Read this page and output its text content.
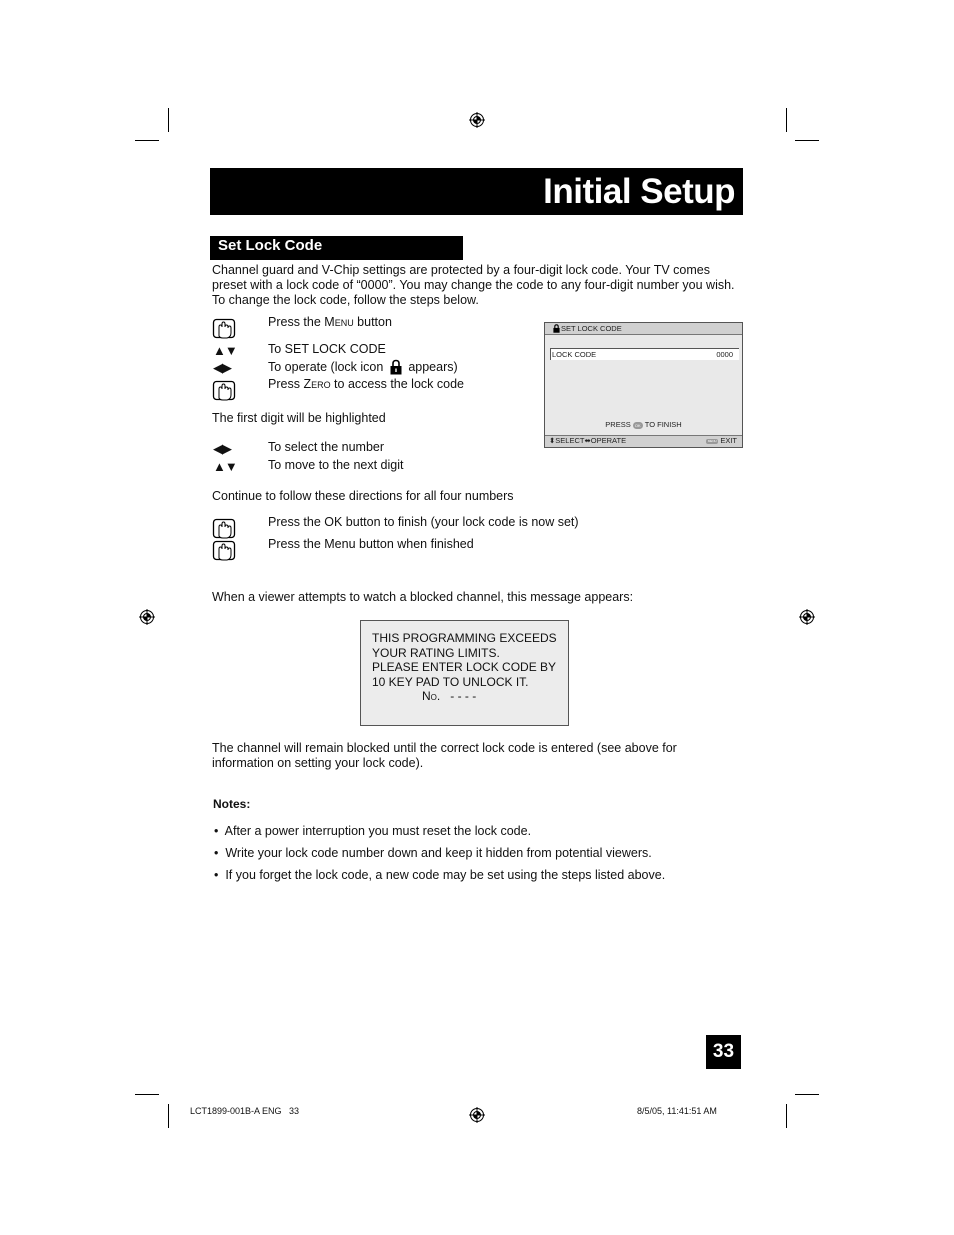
Initial Setup
Set Lock Code
Channel guard and V-Chip settings are protected by a four-digit lock code. Your TV comes preset with a lock code of “0000”. You may change the code to any four-digit number you wish. To change the lock code, follow the steps below.
Press the Menu button
▲▼	To SET LOCK CODE
◀▶	To operate (lock icon appears)
Press Zero to access the lock code
The first digit will be highlighted
◀▶	To select the number
▲▼	To move to the next digit
Continue to follow these directions for all four numbers
Press the OK button to finish (your lock code is now set)
Press the Menu button when finished
SET LOCK CODE
LOCK CODE	0000
PRESS OK TO FINISH
⬍SELECT⬌OPERATE	MENU EXIT
When a viewer attempts to watch a blocked channel, this message appears:
THIS PROGRAMMING EXCEEDS
YOUR RATING LIMITS.
PLEASE ENTER LOCK CODE BY
10 KEY PAD TO UNLOCK IT.
No. - - - -
The channel will remain blocked until the correct lock code is entered (see above for information on setting your lock code).
Notes:
•  After a power interruption you must reset the lock code.
•  Write your lock code number down and keep it hidden from potential viewers.
•  If you forget the lock code, a new code may be set using the steps listed above.
33
LCT1899-001B-A ENG   33	8/5/05, 11:41:51 AM
